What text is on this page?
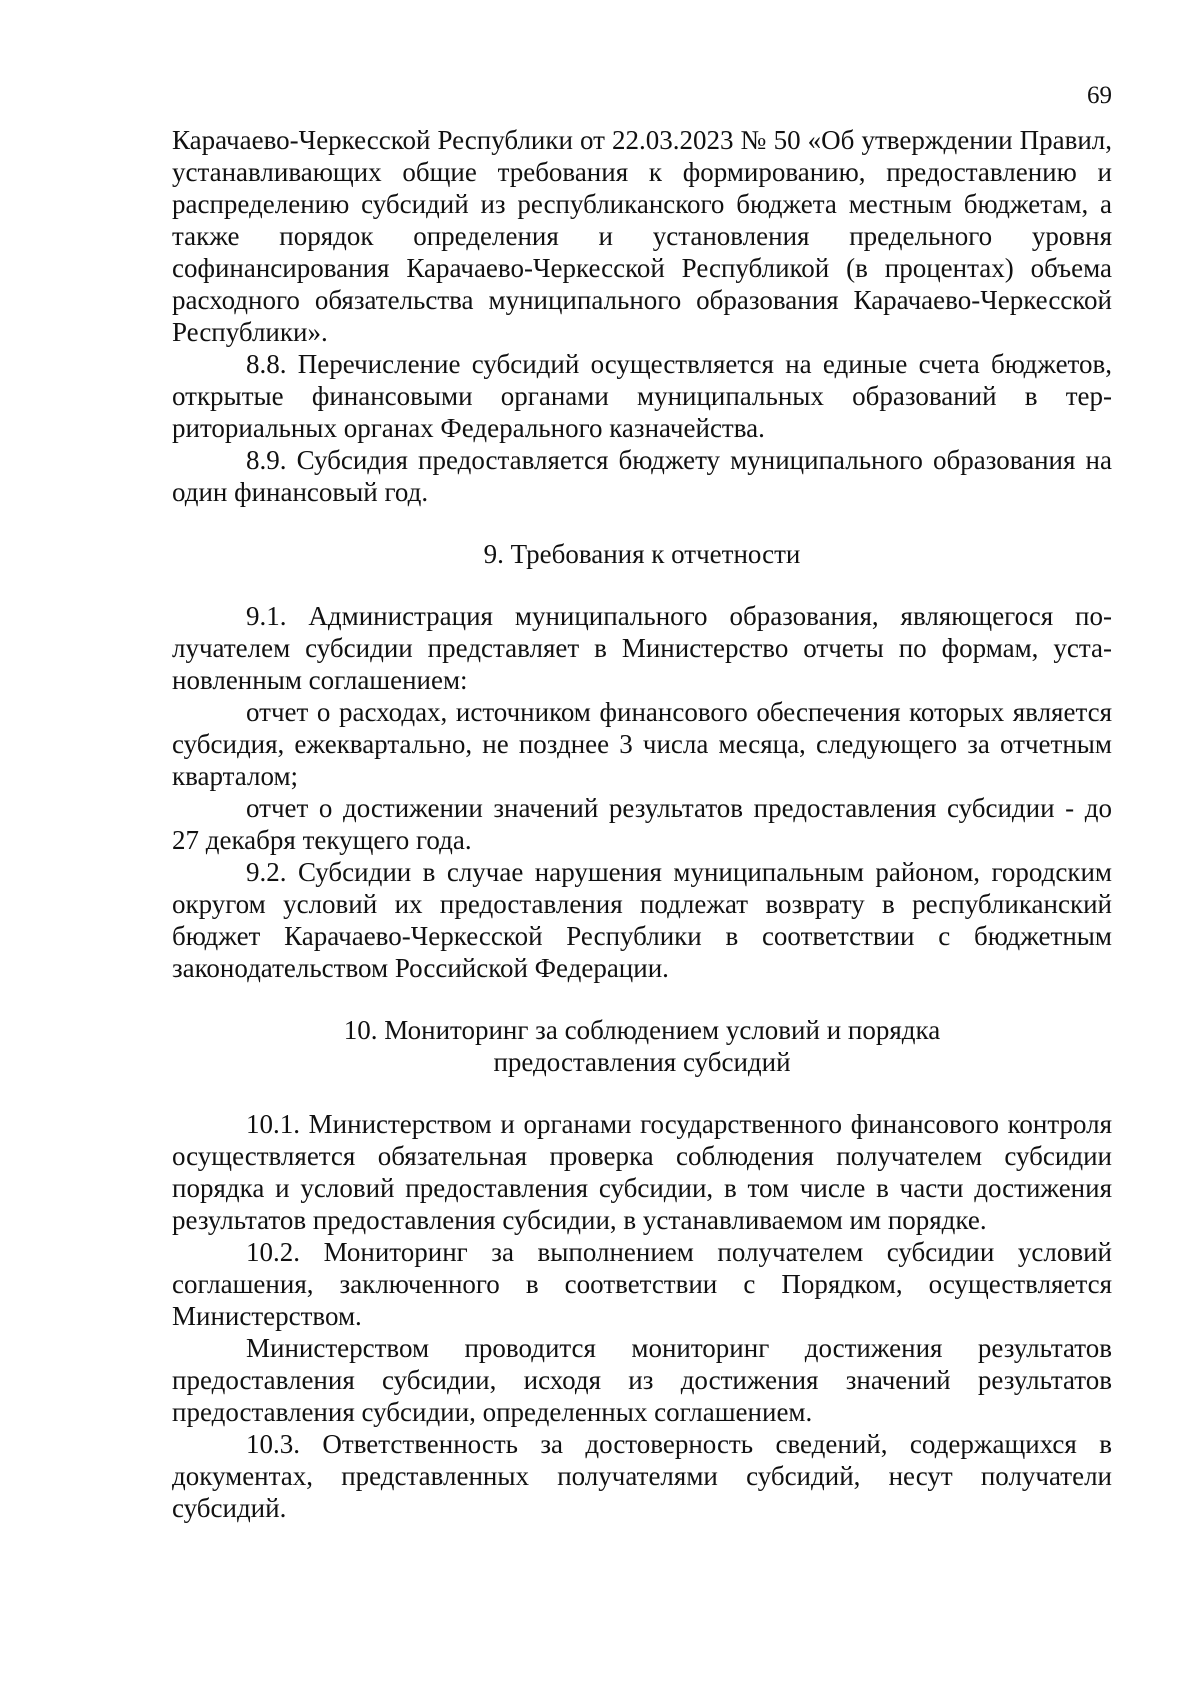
69

Карачаево-Черкесской Республики от 22.03.2023 № 50 «Об утверждении Правил, устанавливающих общие требования к формированию, предоставлению и распределению субсидий из республиканского бюджета местным бюджетам, а также порядок определения и установления предельного уровня софинансирования Карачаево-Черкесской Республикой (в процентах) объема расходного обязательства муниципального образования Карачаево-Черкесской Республики».

8.8. Перечисление субсидий осуществляется на единые счета бюджетов, открытые финансовыми органами муниципальных образований в территориальных органах Федерального казначейства.

8.9. Субсидия предоставляется бюджету муниципального образования на один финансовый год.

9. Требования к отчетности

9.1. Администрация муниципального образования, являющегося получателем субсидии представляет в Министерство отчеты по формам, установленным соглашением:

отчет о расходах, источником финансового обеспечения которых является субсидия, ежеквартально, не позднее 3 числа месяца, следующего за отчетным кварталом;

отчет о достижении значений результатов предоставления субсидии - до 27 декабря текущего года.

9.2. Субсидии в случае нарушения муниципальным районом, городским округом условий их предоставления подлежат возврату в республиканский бюджет Карачаево-Черкесской Республики в соответствии с бюджетным законодательством Российской Федерации.

10. Мониторинг за соблюдением условий и порядка
предоставления субсидий

10.1. Министерством и органами государственного финансового контроля осуществляется обязательная проверка соблюдения получателем субсидии порядка и условий предоставления субсидии, в том числе в части достижения результатов предоставления субсидии, в устанавливаемом им порядке.

10.2. Мониторинг за выполнением получателем субсидии условий соглашения, заключенного в соответствии с Порядком, осуществляется Министерством.

Министерством проводится мониторинг достижения результатов предоставления субсидии, исходя из достижения значений результатов предоставления субсидии, определенных соглашением.

10.3. Ответственность за достоверность сведений, содержащихся в документах, представленных получателями субсидий, несут получатели субсидий.
